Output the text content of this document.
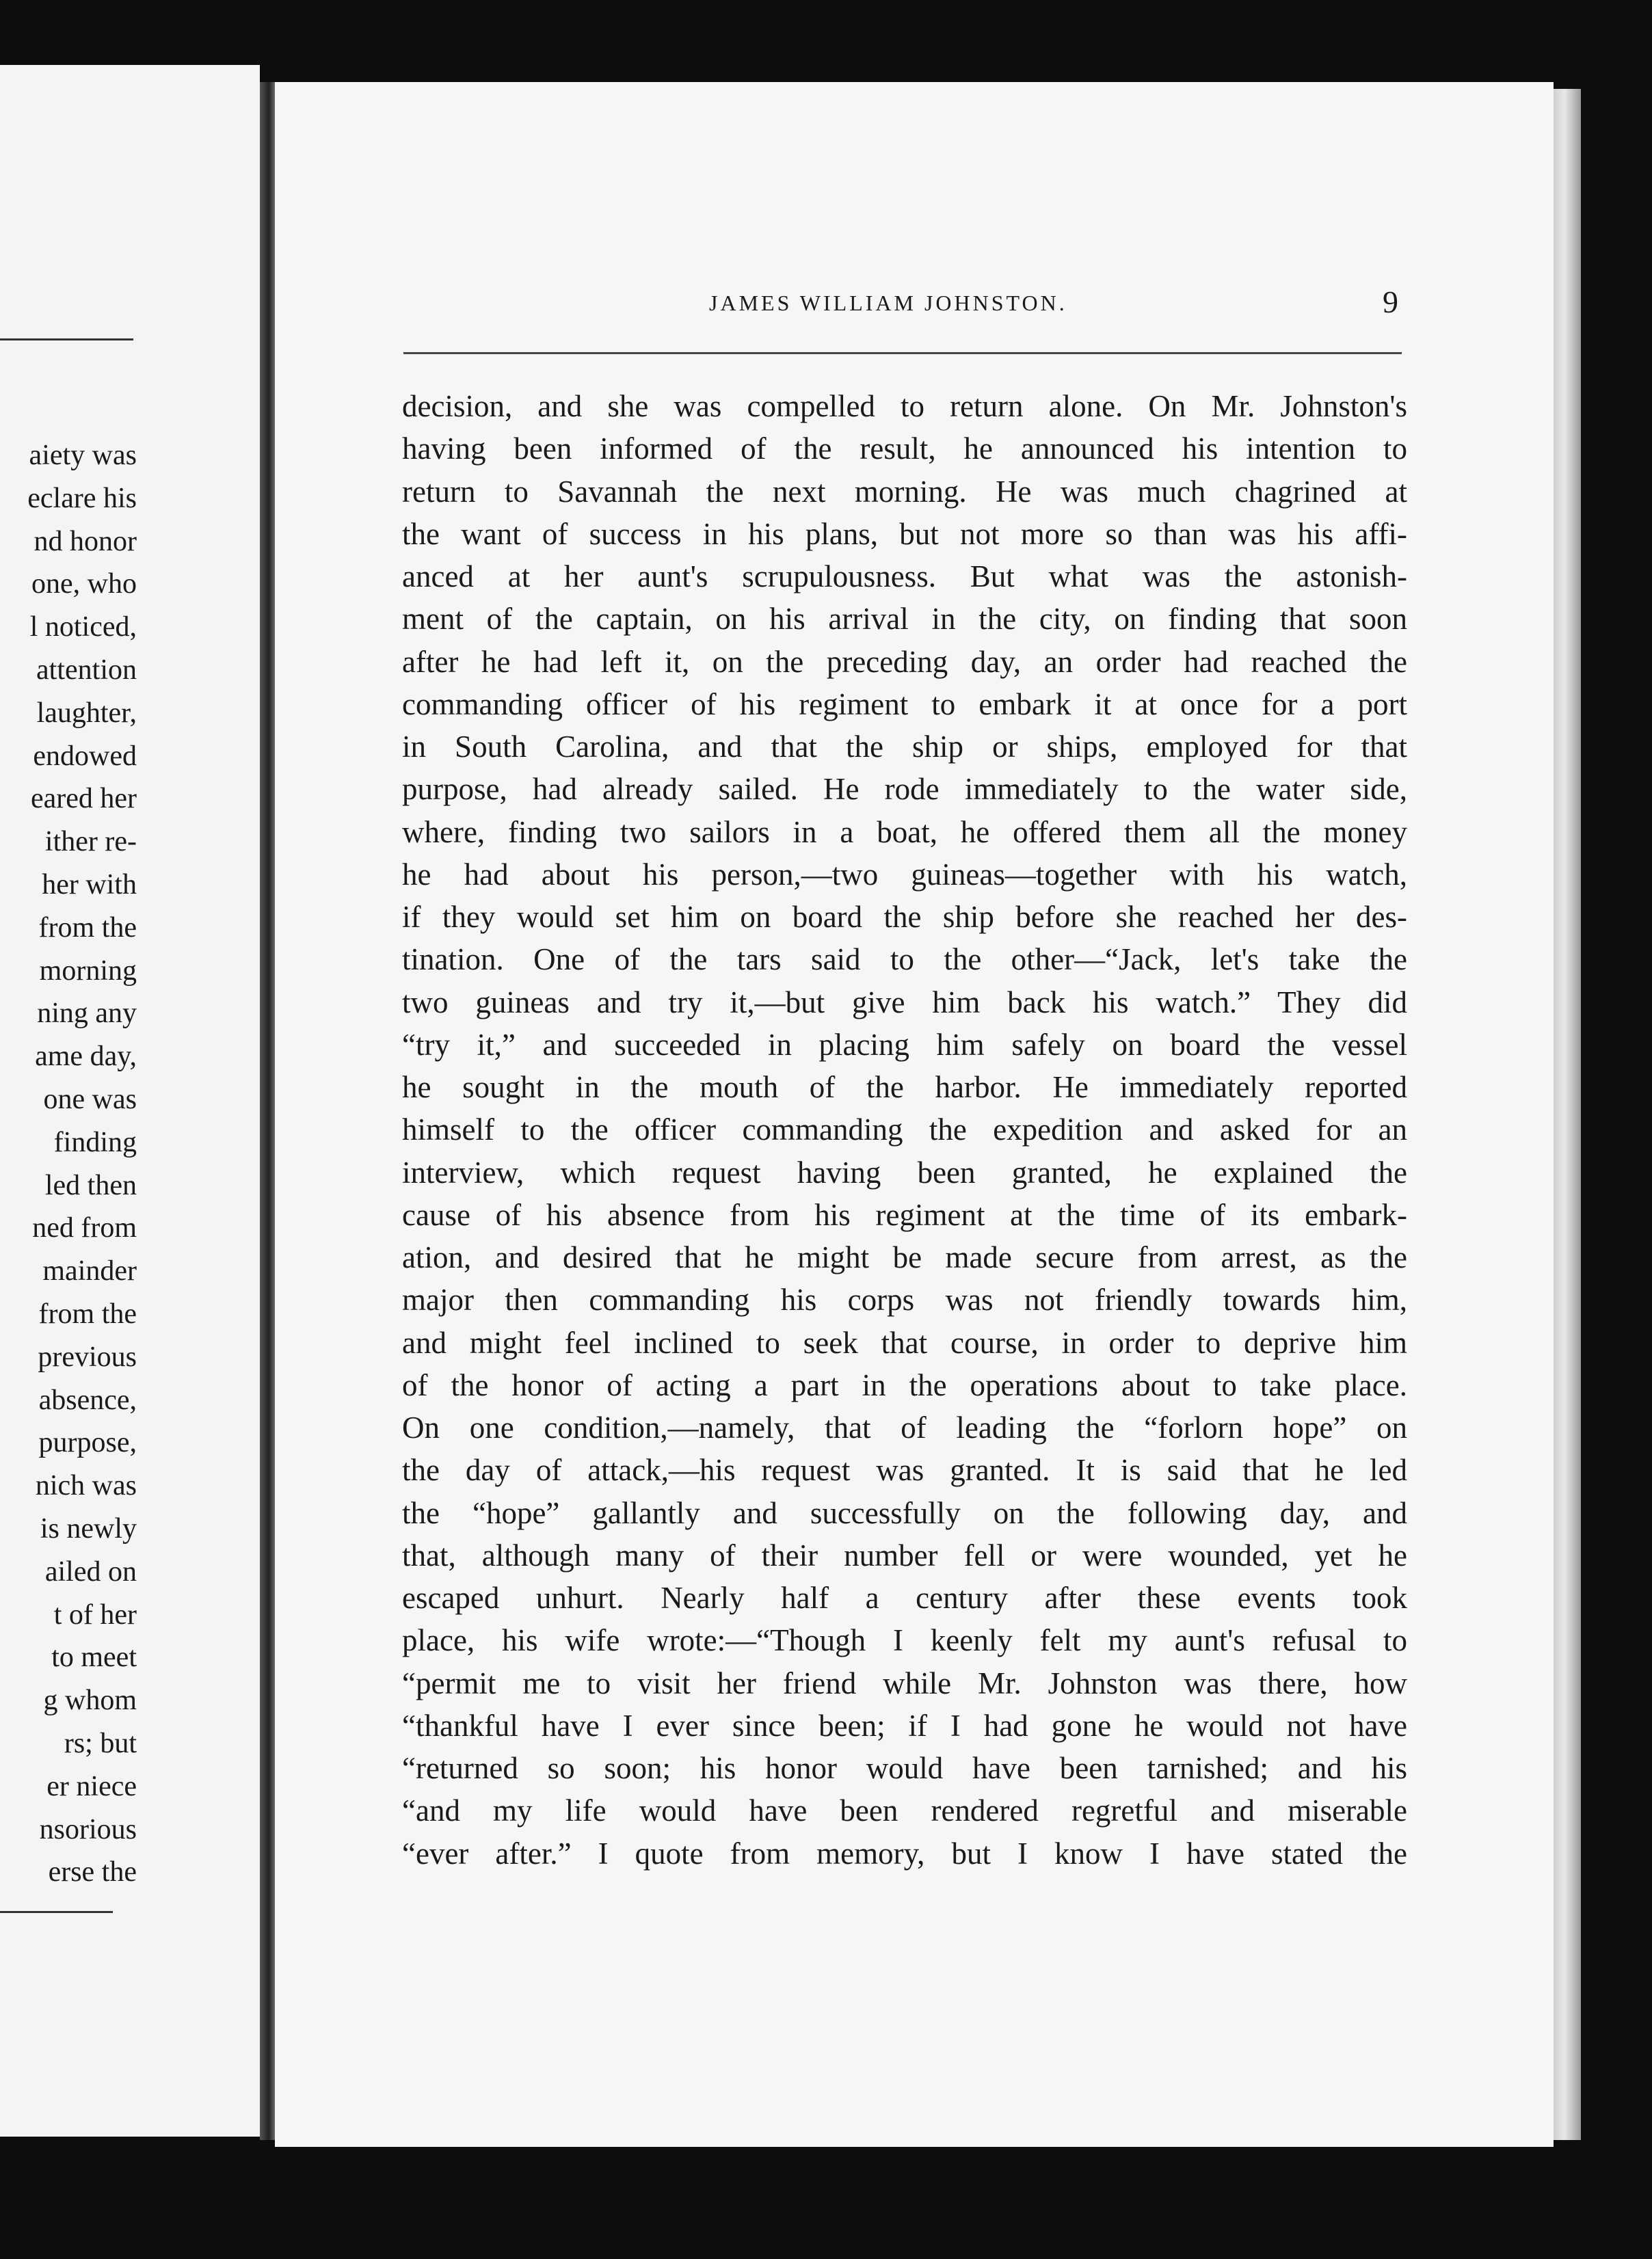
aiety was
eclare his
nd honor
one, who
l noticed,
attention
laughter,
endowed
eared her
ither re-
her with
from the
morning
ning any
ame day,
one was
finding
led then
ned from
mainder
from the
previous
absence,
purpose,
nich was
is newly
ailed on
t of her
to meet
g whom
rs; but
er niece
nsorious
erse the
JAMES WILLIAM JOHNSTON.	9
decision, and she was compelled to return alone. On Mr. Johnston's
having been informed of the result, he announced his intention to
return to Savannah the next morning. He was much chagrined at
the want of success in his plans, but not more so than was his affi-
anced at her aunt's scrupulousness. But what was the astonish-
ment of the captain, on his arrival in the city, on finding that soon
after he had left it, on the preceding day, an order had reached the
commanding officer of his regiment to embark it at once for a port
in South Carolina, and that the ship or ships, employed for that
purpose, had already sailed. He rode immediately to the water side,
where, finding two sailors in a boat, he offered them all the money
he had about his person,—two guineas—together with his watch,
if they would set him on board the ship before she reached her des-
tination. One of the tars said to the other—“Jack, let's take the
two guineas and try it,—but give him back his watch.” They did
“try it,” and succeeded in placing him safely on board the vessel
he sought in the mouth of the harbor. He immediately reported
himself to the officer commanding the expedition and asked for an
interview, which request having been granted, he explained the
cause of his absence from his regiment at the time of its embark-
ation, and desired that he might be made secure from arrest, as the
major then commanding his corps was not friendly towards him,
and might feel inclined to seek that course, in order to deprive him
of the honor of acting a part in the operations about to take place.
On one condition,—namely, that of leading the “forlorn hope” on
the day of attack,—his request was granted. It is said that he led
the “hope” gallantly and successfully on the following day, and
that, although many of their number fell or were wounded, yet he
escaped unhurt. Nearly half a century after these events took
place, his wife wrote:—“Though I keenly felt my aunt's refusal to
“permit me to visit her friend while Mr. Johnston was there, how
“thankful have I ever since been; if I had gone he would not have
“returned so soon; his honor would have been tarnished; and his
“and my life would have been rendered regretful and miserable
“ever after.” I quote from memory, but I know I have stated the
